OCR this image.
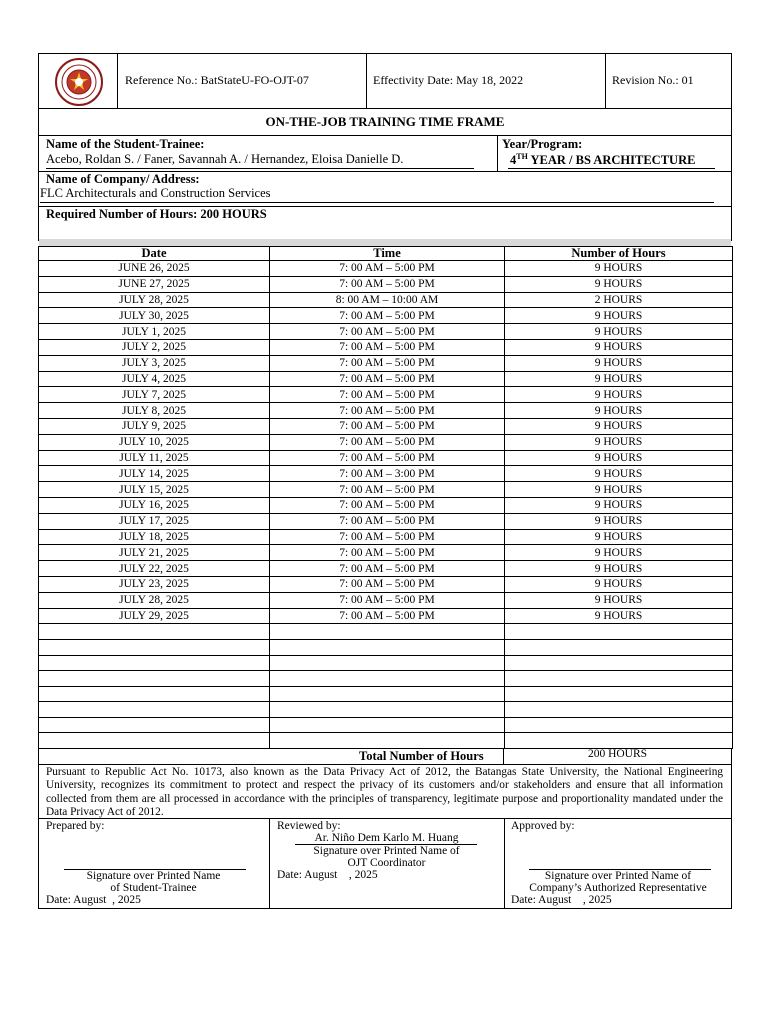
Reference No.: BatStateU-FO-OJT-07	Effectivity Date: May 18, 2022	Revision No.: 01
ON-THE-JOB TRAINING TIME FRAME
Name of the Student-Trainee:
Acebo, Roldan S. / Faner, Savannah A. / Hernandez, Eloisa Danielle D.
Year/Program:
4TH YEAR / BS ARCHITECTURE
Name of Company/ Address:
FLC Architecturals and Construction Services
Required Number of Hours: 200 HOURS
Date	Time	Number of Hours
JUNE 26, 2025	7: 00 AM – 5:00 PM	9 HOURS
JUNE 27, 2025	7: 00 AM – 5:00 PM	9 HOURS
JULY 28, 2025	8: 00 AM – 10:00 AM	2 HOURS
JULY 30, 2025	7: 00 AM – 5:00 PM	9 HOURS
JULY 1, 2025	7: 00 AM – 5:00 PM	9 HOURS
JULY 2, 2025	7: 00 AM – 5:00 PM	9 HOURS
JULY 3, 2025	7: 00 AM – 5:00 PM	9 HOURS
JULY 4, 2025	7: 00 AM – 5:00 PM	9 HOURS
JULY 7, 2025	7: 00 AM – 5:00 PM	9 HOURS
JULY 8, 2025	7: 00 AM – 5:00 PM	9 HOURS
JULY 9, 2025	7: 00 AM – 5:00 PM	9 HOURS
JULY 10, 2025	7: 00 AM – 5:00 PM	9 HOURS
JULY 11, 2025	7: 00 AM – 5:00 PM	9 HOURS
JULY 14, 2025	7: 00 AM – 3:00 PM	9 HOURS
JULY 15, 2025	7: 00 AM – 5:00 PM	9 HOURS
JULY 16, 2025	7: 00 AM – 5:00 PM	9 HOURS
JULY 17, 2025	7: 00 AM – 5:00 PM	9 HOURS
JULY 18, 2025	7: 00 AM – 5:00 PM	9 HOURS
JULY 21, 2025	7: 00 AM – 5:00 PM	9 HOURS
JULY 22, 2025	7: 00 AM – 5:00 PM	9 HOURS
JULY 23, 2025	7: 00 AM – 5:00 PM	9 HOURS
JULY 28, 2025	7: 00 AM – 5:00 PM	9 HOURS
JULY 29, 2025	7: 00 AM – 5:00 PM	9 HOURS

Total Number of Hours	200 HOURS
Pursuant to Republic Act No. 10173, also known as the Data Privacy Act of 2012, the Batangas State University, the National Engineering University, recognizes its commitment to protect and respect the privacy of its customers and/or stakeholders and ensure that all information collected from them are all processed in accordance with the principles of transparency, legitimate purpose and proportionality mandated under the Data Privacy Act of 2012.
Prepared by:
Signature over Printed Name
of Student-Trainee
Date: August  , 2025
Reviewed by:
Ar. Niño Dem Karlo M. Huang
Signature over Printed Name of
OJT Coordinator
Date: August    , 2025
Approved by:
Signature over Printed Name of
Company’s Authorized Representative
Date: August    , 2025
